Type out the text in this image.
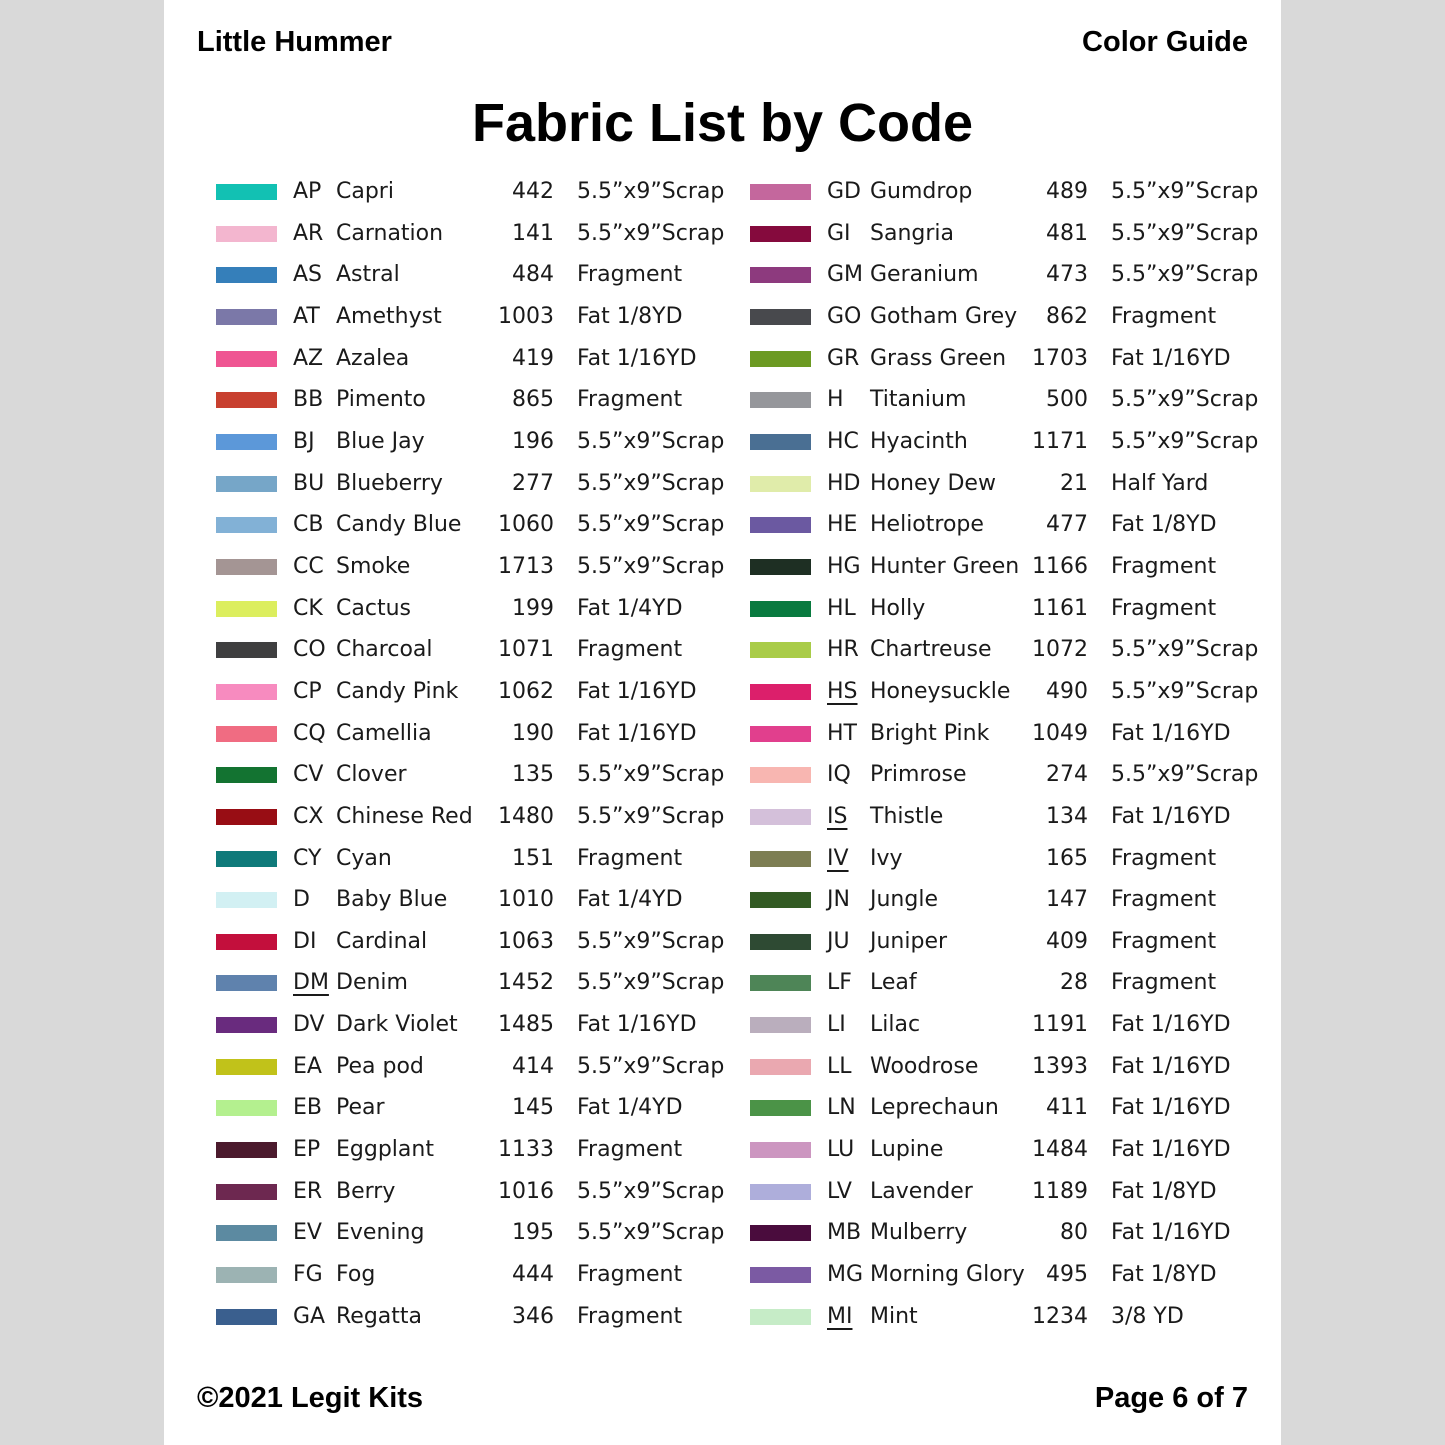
Little Hummer	Color Guide
Fabric List by Code
AP Capri	442 5.5”x9”Scrap
AR Carnation	141 5.5”x9”Scrap
AS Astral	484 Fragment
AT Amethyst	1003 Fat 1/8YD
AZ Azalea	419 Fat 1/16YD
BB Pimento	865 Fragment
BJ Blue Jay	196 5.5”x9”Scrap
BU Blueberry	277 5.5”x9”Scrap
CB Candy Blue	1060 5.5”x9”Scrap
CC Smoke	1713 5.5”x9”Scrap
CK Cactus	199 Fat 1/4YD
CO Charcoal	1071 Fragment
CP Candy Pink	1062 Fat 1/16YD
CQ Camellia	190 Fat 1/16YD
CV Clover	135 5.5”x9”Scrap
CX Chinese Red	1480 5.5”x9”Scrap
CY Cyan	151 Fragment
D Baby Blue	1010 Fat 1/4YD
DI Cardinal	1063 5.5”x9”Scrap
DM Denim	1452 5.5”x9”Scrap
DV Dark Violet	1485 Fat 1/16YD
EA Pea pod	414 5.5”x9”Scrap
EB Pear	145 Fat 1/4YD
EP Eggplant	1133 Fragment
ER Berry	1016 5.5”x9”Scrap
EV Evening	195 5.5”x9”Scrap
FG Fog	444 Fragment
GA Regatta	346 Fragment
GD Gumdrop	489 5.5”x9”Scrap
GI Sangria	481 5.5”x9”Scrap
GM Geranium	473 5.5”x9”Scrap
GO Gotham Grey	862 Fragment
GR Grass Green	1703 Fat 1/16YD
H Titanium	500 5.5”x9”Scrap
HC Hyacinth	1171 5.5”x9”Scrap
HD Honey Dew	21 Half Yard
HE Heliotrope	477 Fat 1/8YD
HG Hunter Green 1166 Fragment
HL Holly	1161 Fragment
HR Chartreuse	1072 5.5”x9”Scrap
HS Honeysuckle	490 5.5”x9”Scrap
HT Bright Pink	1049 Fat 1/16YD
IQ Primrose	274 5.5”x9”Scrap
IS Thistle	134 Fat 1/16YD
IV Ivy	165 Fragment
JN Jungle	147 Fragment
JU Juniper	409 Fragment
LF Leaf	28 Fragment
LI Lilac	1191 Fat 1/16YD
LL Woodrose	1393 Fat 1/16YD
LN Leprechaun	411 Fat 1/16YD
LU Lupine	1484 Fat 1/16YD
LV Lavender	1189 Fat 1/8YD
MB Mulberry	80 Fat 1/16YD
MG Morning Glory 495 Fat 1/8YD
MI Mint	1234 3/8 YD
©2021 Legit Kits	Page 6 of 7
